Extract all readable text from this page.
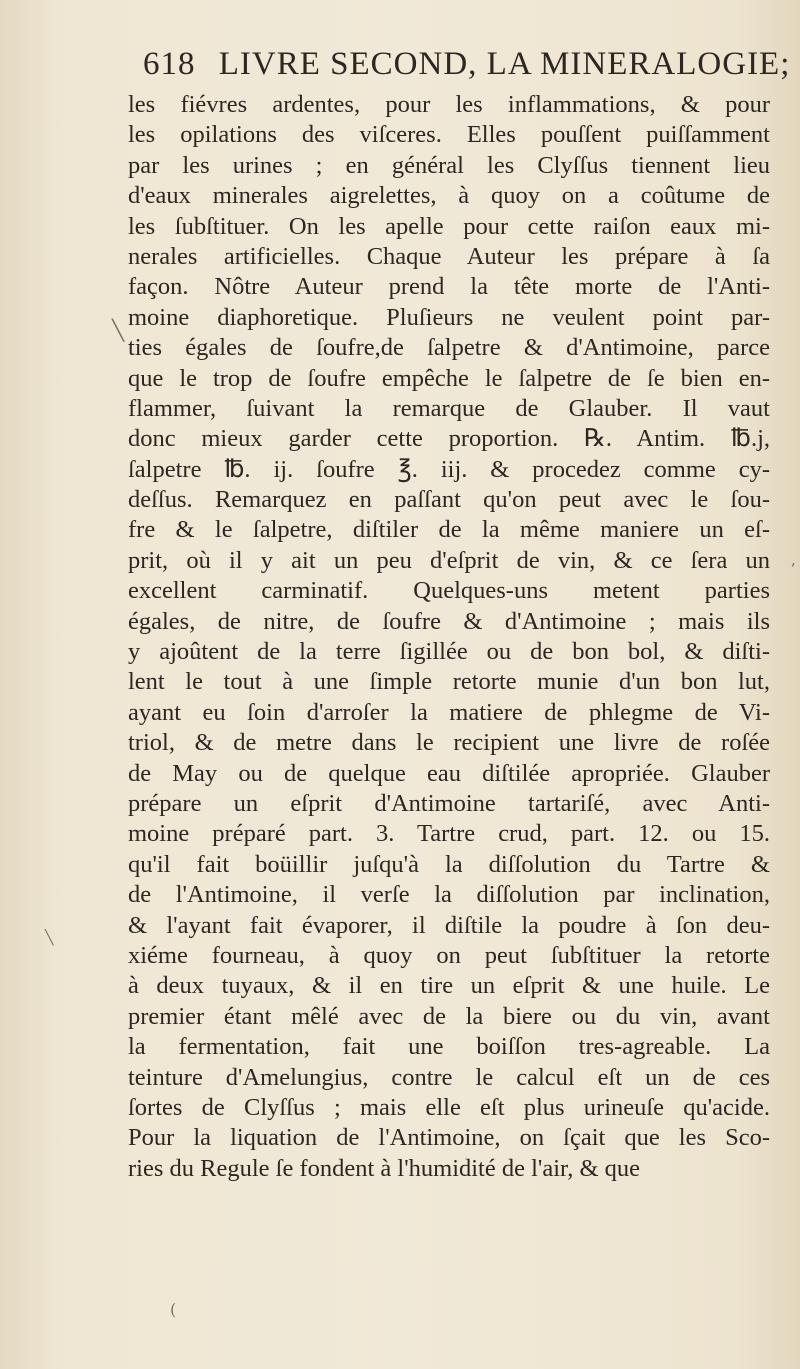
618 LIVRE SECOND, LA MINERALOGIE;
les fiévres ardentes, pour les inflammations, & pour
les opilations des viſceres. Elles pouſſent puiſſamment
par les urines ; en général les Clyſſus tiennent lieu
d'eaux minerales aigrelettes, à quoy on a coûtume de
les ſubſtituer. On les apelle pour cette raiſon eaux mi-
nerales artificielles. Chaque Auteur les prépare à ſa
façon. Nôtre Auteur prend la tête morte de l'Anti-
moine diaphoretique. Pluſieurs ne veulent point par-
ties égales de ſoufre,de ſalpetre & d'Antimoine, parce
que le trop de ſoufre empêche le ſalpetre de ſe bien en-
flammer, ſuivant la remarque de Glauber. Il vaut
donc mieux garder cette proportion. ℞. Antim. ℔.j,
ſalpetre ℔. ij. ſoufre ℥. iij. & procedez comme cy-
deſſus. Remarquez en paſſant qu'on peut avec le ſou-
fre & le ſalpetre, diſtiler de la même maniere un eſ-
prit, où il y ait un peu d'eſprit de vin, & ce ſera un
excellent carminatif. Quelques-uns metent parties
égales, de nitre, de ſoufre & d'Antimoine ; mais ils
y ajoûtent de la terre ſigillée ou de bon bol, & diſti-
lent le tout à une ſimple retorte munie d'un bon lut,
ayant eu ſoin d'arroſer la matiere de phlegme de Vi-
triol, & de metre dans le recipient une livre de roſée
de May ou de quelque eau diſtilée apropriée. Glauber
prépare un eſprit d'Antimoine tartariſé, avec Anti-
moine préparé part. 3. Tartre crud, part. 12. ou 15.
qu'il fait boüillir juſqu'à la diſſolution du Tartre &
de l'Antimoine, il verſe la diſſolution par inclination,
& l'ayant fait évaporer, il diſtile la poudre à ſon deu-
xiéme fourneau, à quoy on peut ſubſtituer la retorte
à deux tuyaux, & il en tire un eſprit & une huile. Le
premier étant mêlé avec de la biere ou du vin, avant
la fermentation, fait une boiſſon tres-agreable. La
teinture d'Amelungius, contre le calcul eſt un de ces
ſortes de Clyſſus ; mais elle eſt plus urineuſe qu'acide.
Pour la liquation de l'Antimoine, on ſçait que les Sco-
ries du Regule ſe fondent à l'humidité de l'air, & que
╲
ʼ
╲
(
